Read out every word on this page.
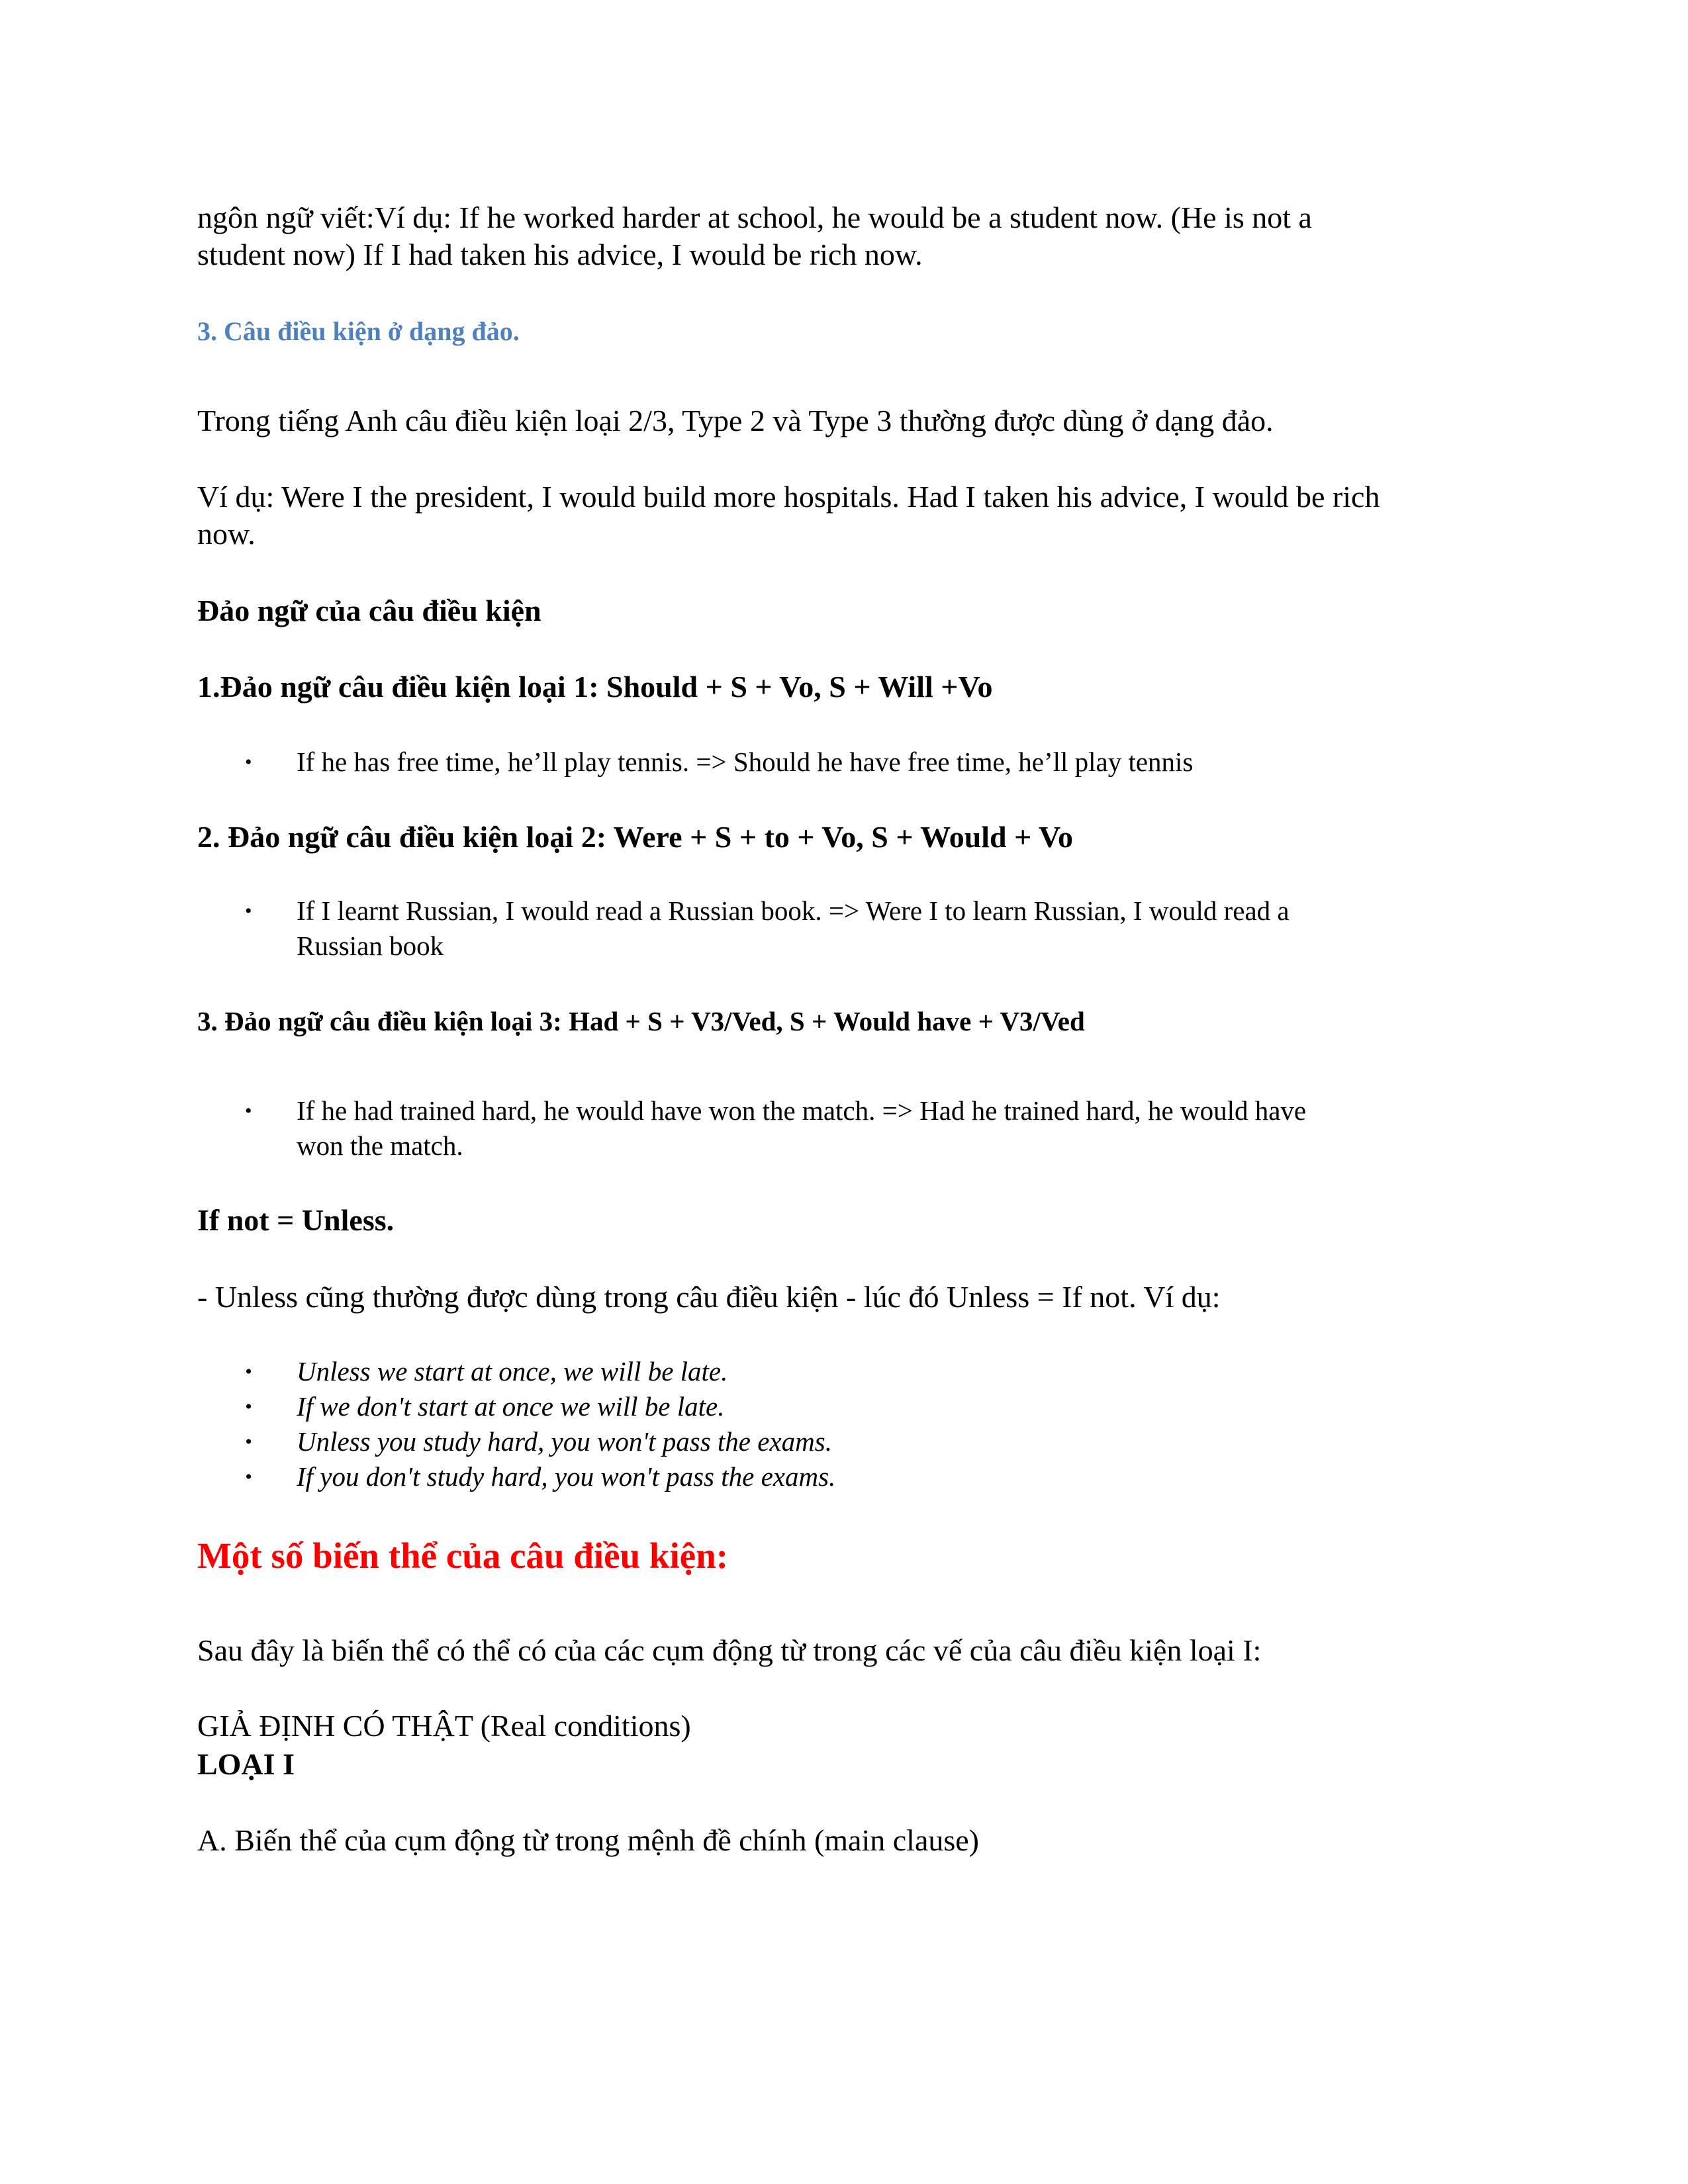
ngôn ngữ viết:Ví dụ: If he worked harder at school, he would be a student now. (He is not a

student now) If I had taken his advice, I would be rich now.

3. Câu điều kiện ở dạng đảo.

Trong tiếng Anh câu điều kiện loại 2/3, Type 2 và Type 3 thường được dùng ở dạng đảo.

Ví dụ: Were I the president, I would build more hospitals. Had I taken his advice, I would be rich

now.

Đảo ngữ của câu điều kiện

1.Đảo ngữ câu điều kiện loại 1: Should + S + Vo, S + Will +Vo

• If he has free time, he’ll play tennis. => Should he have free time, he’ll play tennis

2. Đảo ngữ câu điều kiện loại 2: Were + S + to + Vo, S + Would + Vo

• If I learnt Russian, I would read a Russian book. => Were I to learn Russian, I would read a
Russian book

3. Đảo ngữ câu điều kiện loại 3: Had + S + V3/Ved, S + Would have + V3/Ved

• If he had trained hard, he would have won the match. => Had he trained hard, he would have
won the match.

If not = Unless.

- Unless cũng thường được dùng trong câu điều kiện - lúc đó Unless = If not. Ví dụ:

• Unless we start at once, we will be late.
• If we don't start at once we will be late.
• Unless you study hard, you won't pass the exams.
• If you don't study hard, you won't pass the exams.

Một số biến thể của câu điều kiện:

Sau đây là biến thể có thể có của các cụm động từ trong các vế của câu điều kiện loại I:

GIẢ ĐỊNH CÓ THẬT (Real conditions)

LOẠI I

A. Biến thể của cụm động từ trong mệnh đề chính (main clause)
